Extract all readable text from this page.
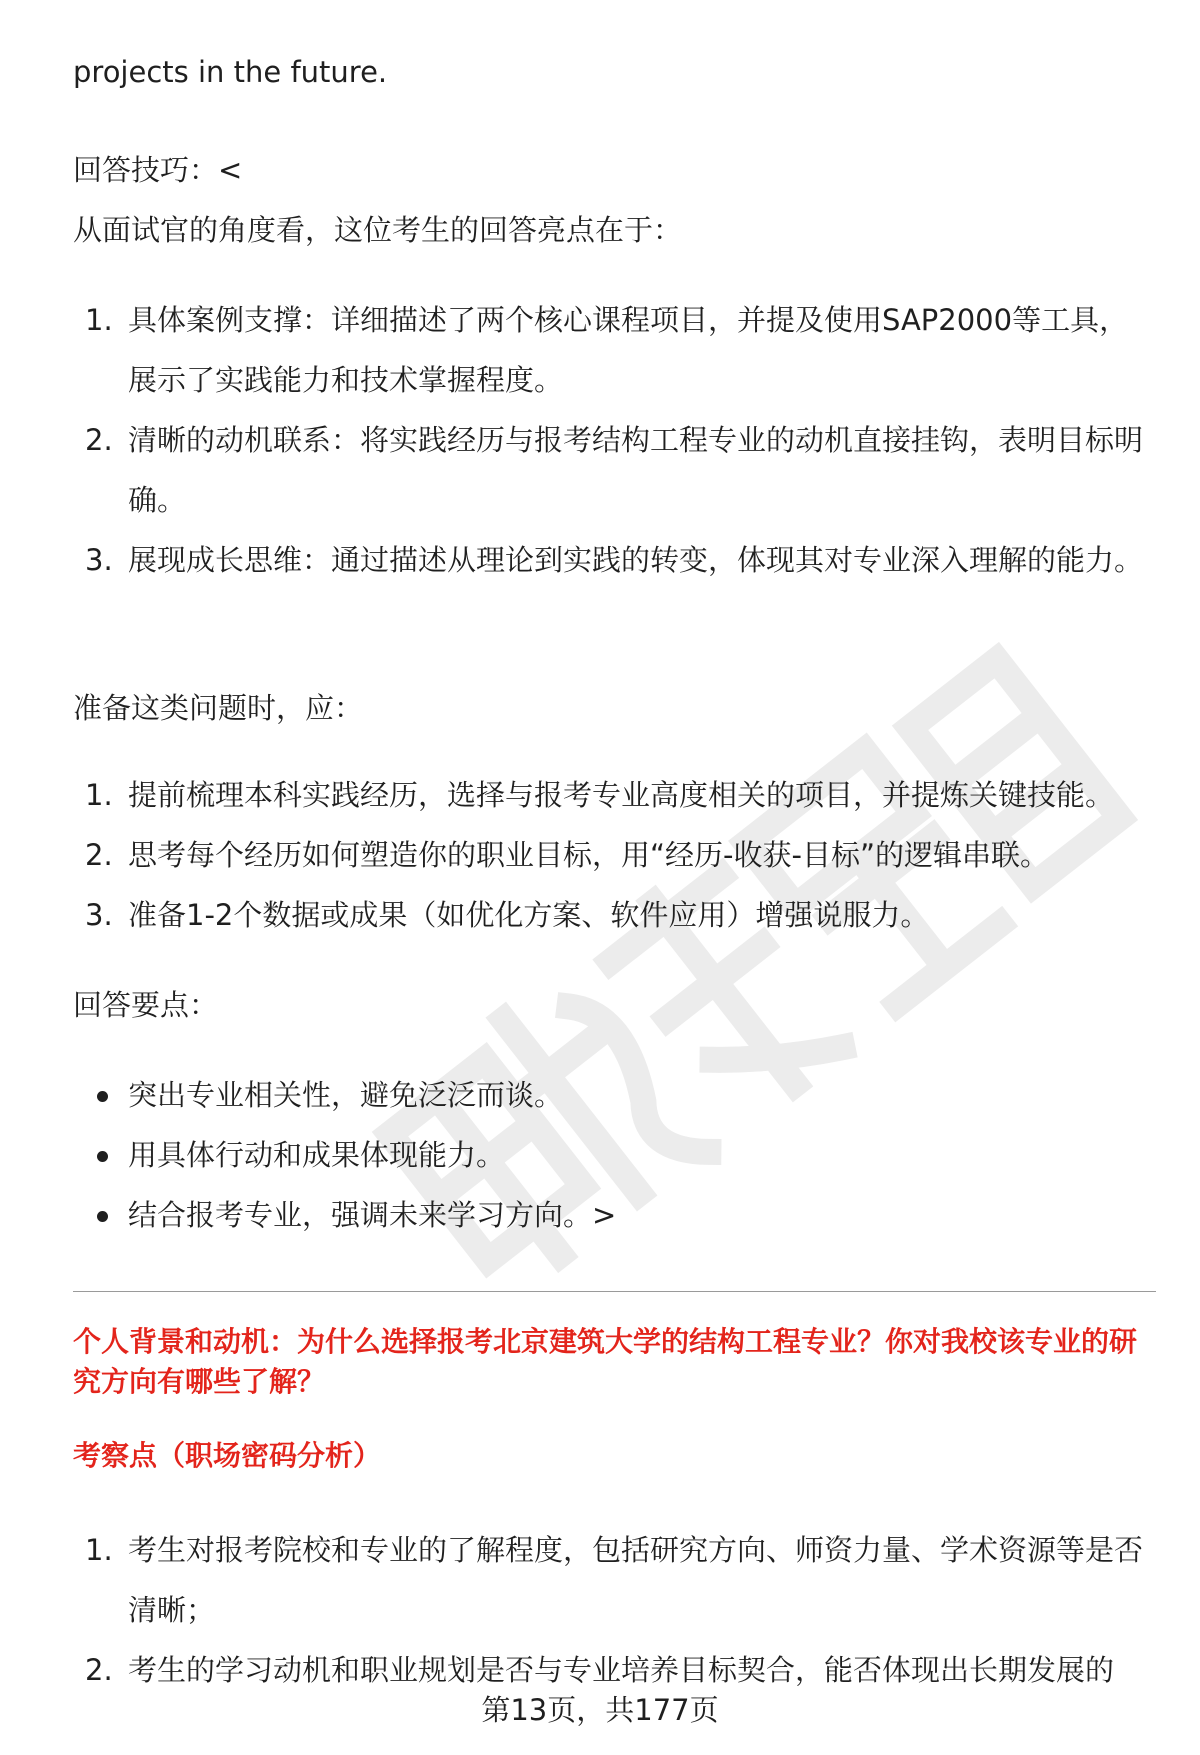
projects in the future.

回答技巧：<

从面试官的角度看，这位考生的回答亮点在于：

1. 具体案例支撑：详细描述了两个核心课程项目，并提及使用SAP2000等工具，展示了实践能力和技术掌握程度。
2. 清晰的动机联系：将实践经历与报考结构工程专业的动机直接挂钩，表明目标明确。
3. 展现成长思维：通过描述从理论到实践的转变，体现其对专业深入理解的能力。

准备这类问题时，应：

1. 提前梳理本科实践经历，选择与报考专业高度相关的项目，并提炼关键技能。
2. 思考每个经历如何塑造你的职业目标，用“经历-收获-目标”的逻辑串联。
3. 准备1-2个数据或成果（如优化方案、软件应用）增强说服力。

回答要点：

突出专业相关性，避免泛泛而谈。
用具体行动和成果体现能力。
结合报考专业，强调未来学习方向。>

个人背景和动机：为什么选择报考北京建筑大学的结构工程专业？你对我校该专业的研究方向有哪些了解？

考察点（职场密码分析）

1. 考生对报考院校和专业的了解程度，包括研究方向、师资力量、学术资源等是否清晰；
2. 考生的学习动机和职业规划是否与专业培养目标契合，能否体现出长期发展的
第13页，共177页
